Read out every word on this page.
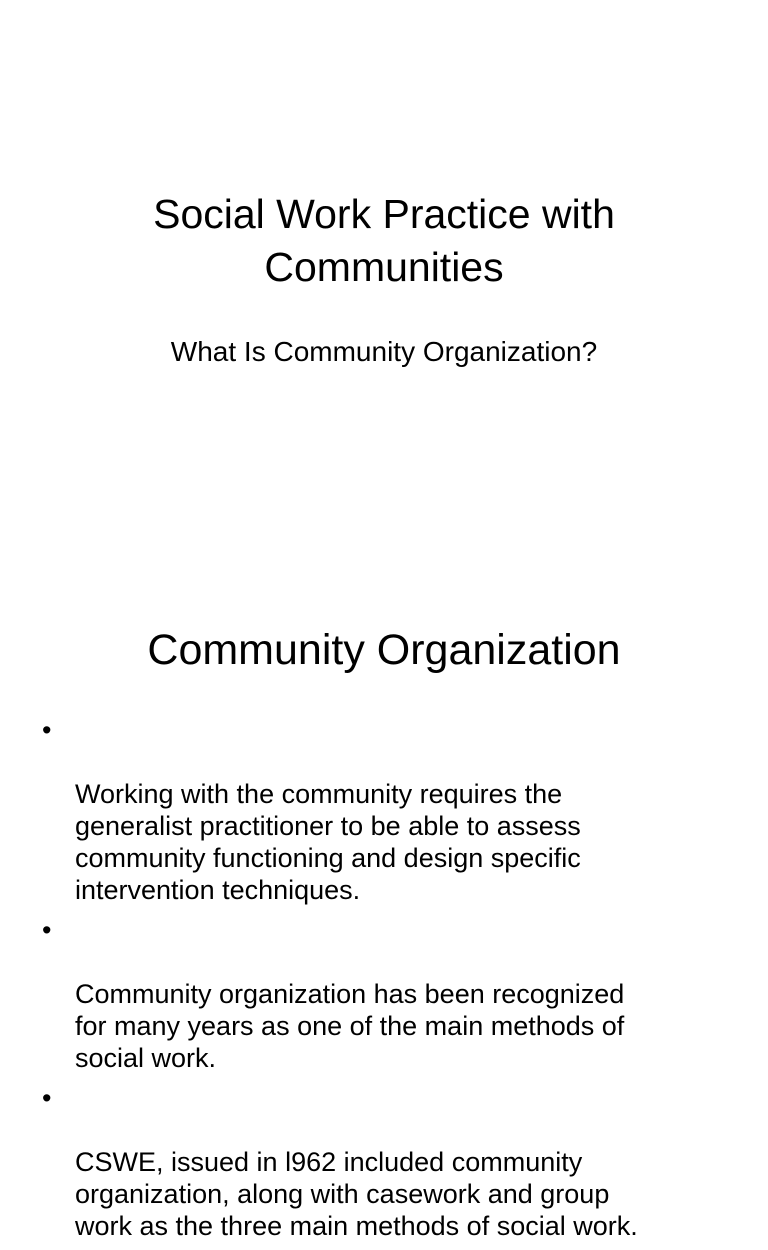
Social Work Practice with
Communities
What Is Community Organization?
Community Organization

•

Working with the community requires the
generalist practitioner to be able to assess
community functioning and design specific
intervention techniques.

•

Community organization has been recognized
for many years as one of the main methods of
social work.

•

CSWE, issued in l962 included community
organization, along with casework and group
work as the three main methods of social work.
